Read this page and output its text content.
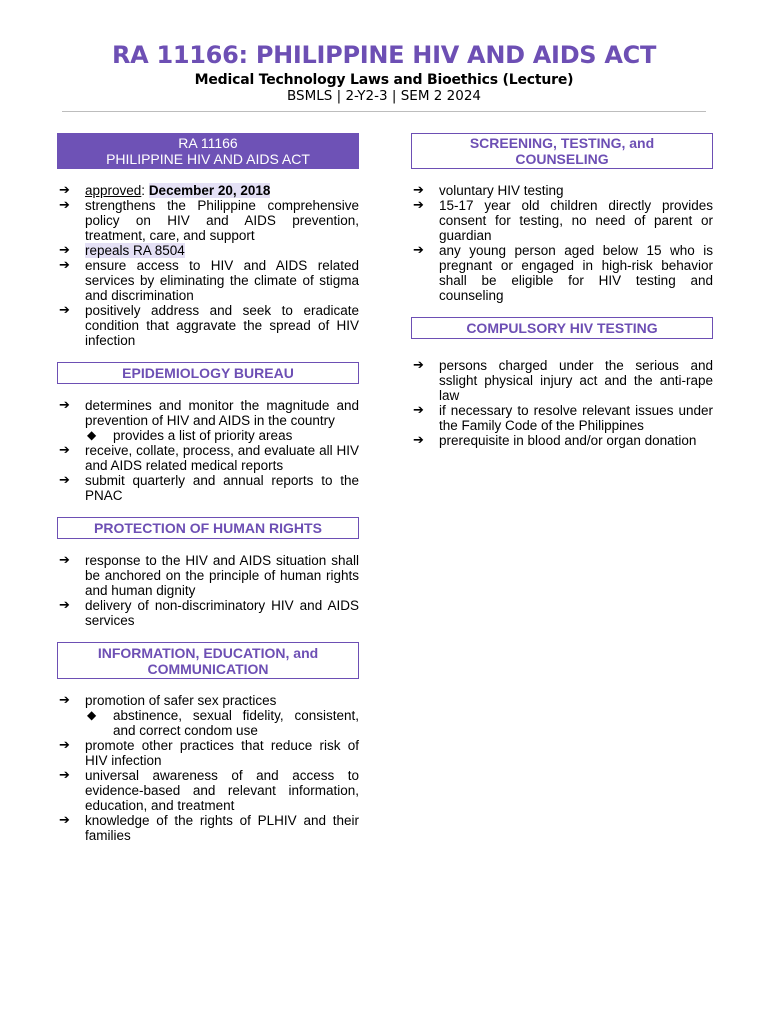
RA 11166: PHILIPPINE HIV AND AIDS ACT
Medical Technology Laws and Bioethics (Lecture)
BSMLS | 2-Y2-3 | SEM 2 2024
RA 11166
PHILIPPINE HIV AND AIDS ACT
➔ approved: December 20, 2018
➔ strengthens the Philippine comprehensive policy on HIV and AIDS prevention, treatment, care, and support
➔ repeals RA 8504
➔ ensure access to HIV and AIDS related services by eliminating the climate of stigma and discrimination
➔ positively address and seek to eradicate condition that aggravate the spread of HIV infection
EPIDEMIOLOGY BUREAU
➔ determines and monitor the magnitude and prevention of HIV and AIDS in the country
◆ provides a list of priority areas
➔ receive, collate, process, and evaluate all HIV and AIDS related medical reports
➔ submit quarterly and annual reports to the PNAC
PROTECTION OF HUMAN RIGHTS
➔ response to the HIV and AIDS situation shall be anchored on the principle of human rights and human dignity
➔ delivery of non-discriminatory HIV and AIDS services
INFORMATION, EDUCATION, and
COMMUNICATION
➔ promotion of safer sex practices
◆ abstinence, sexual fidelity, consistent, and correct condom use
➔ promote other practices that reduce risk of HIV infection
➔ universal awareness of and access to evidence-based and relevant information, education, and treatment
➔ knowledge of the rights of PLHIV and their families
SCREENING, TESTING, and
COUNSELING
➔ voluntary HIV testing
➔ 15-17 year old children directly provides consent for testing, no need of parent or guardian
➔ any young person aged below 15 who is pregnant or engaged in high-risk behavior shall be eligible for HIV testing and counseling
COMPULSORY HIV TESTING
➔ persons charged under the serious and sslight physical injury act and the anti-rape law
➔ if necessary to resolve relevant issues under the Family Code of the Philippines
➔ prerequisite in blood and/or organ donation
